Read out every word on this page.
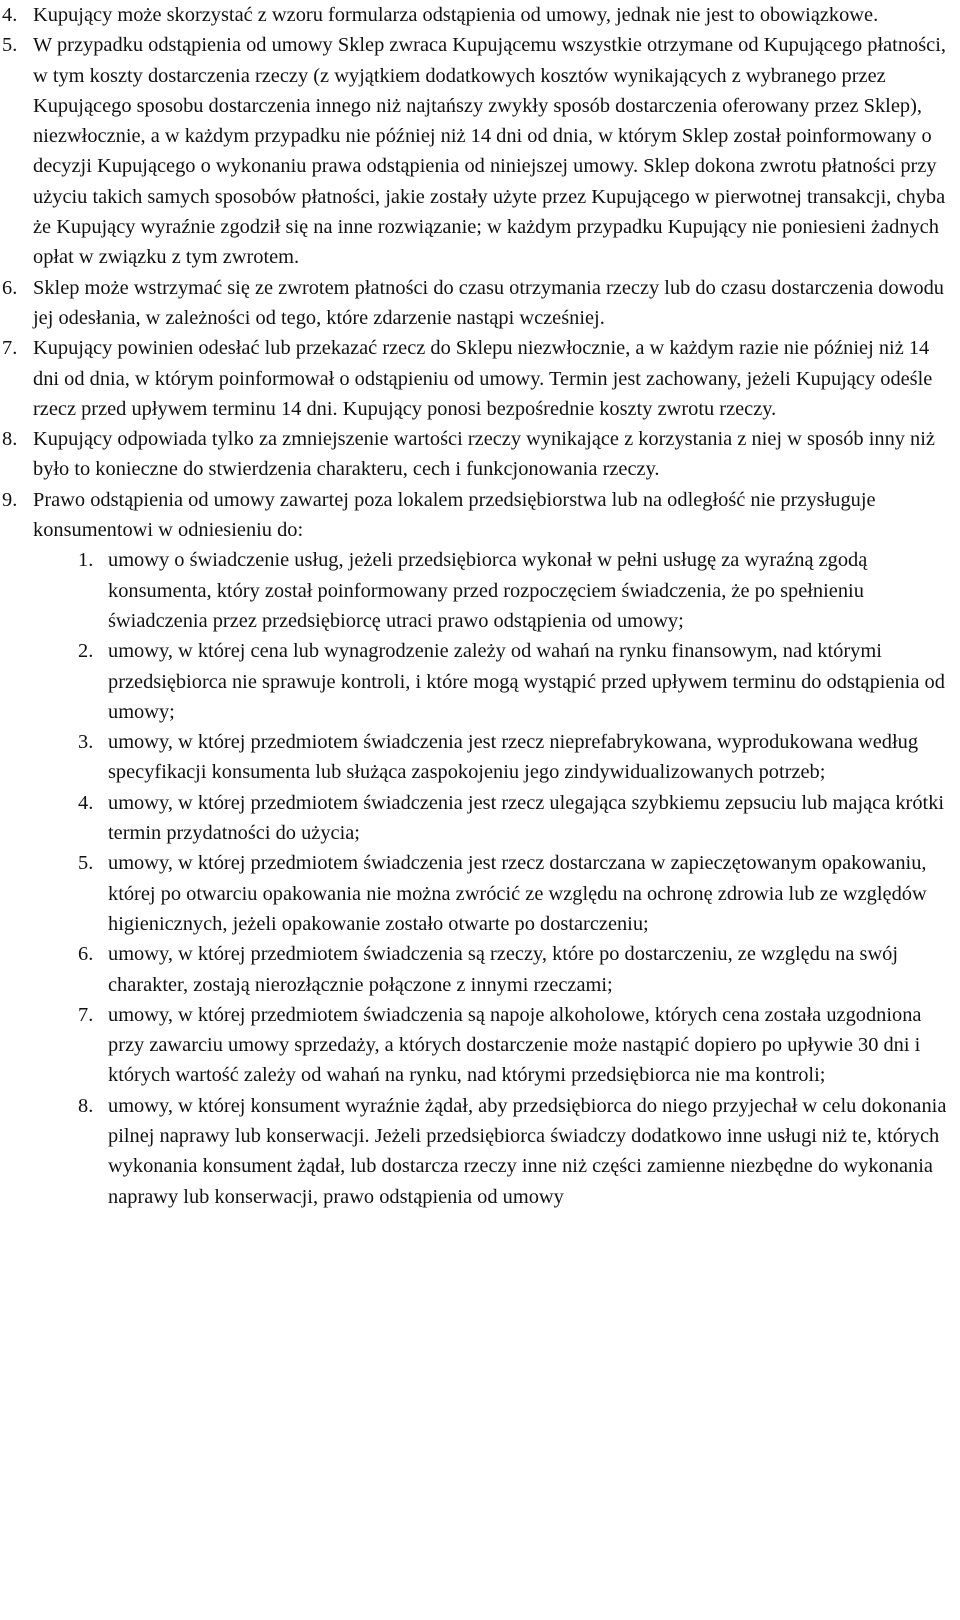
4. Kupujący może skorzystać z wzoru formularza odstąpienia od umowy, jednak nie jest to obowiązkowe.

5. W przypadku odstąpienia od umowy Sklep zwraca Kupującemu wszystkie otrzymane od Kupującego płatności, w tym koszty dostarczenia rzeczy (z wyjątkiem dodatkowych kosztów wynikających z wybranego przez Kupującego sposobu dostarczenia innego niż najtańszy zwykły sposób dostarczenia oferowany przez Sklep), niezwłocznie, a w każdym przypadku nie później niż 14 dni od dnia, w którym Sklep został poinformowany o decyzji Kupującego o wykonaniu prawa odstąpienia od niniejszej umowy. Sklep dokona zwrotu płatności przy użyciu takich samych sposobów płatności, jakie zostały użyte przez Kupującego w pierwotnej transakcji, chyba że Kupujący wyraźnie zgodził się na inne rozwiązanie; w każdym przypadku Kupujący nie poniesieni żadnych opłat w związku z tym zwrotem.

6. Sklep może wstrzymać się ze zwrotem płatności do czasu otrzymania rzeczy lub do czasu dostarczenia dowodu jej odesłania, w zależności od tego, które zdarzenie nastąpi wcześniej.

7. Kupujący powinien odesłać lub przekazać rzecz do Sklepu niezwłocznie, a w każdym razie nie później niż 14 dni od dnia, w którym poinformował o odstąpieniu od umowy. Termin jest zachowany, jeżeli Kupujący odeśle rzecz przed upływem terminu 14 dni. Kupujący ponosi bezpośrednie koszty zwrotu rzeczy.

8. Kupujący odpowiada tylko za zmniejszenie wartości rzeczy wynikające z korzystania z niej w sposób inny niż było to konieczne do stwierdzenia charakteru, cech i funkcjonowania rzeczy.

9. Prawo odstąpienia od umowy zawartej poza lokalem przedsiębiorstwa lub na odległość nie przysługuje konsumentowi w odniesieniu do:

1. umowy o świadczenie usług, jeżeli przedsiębiorca wykonał w pełni usługę za wyraźną zgodą konsumenta, który został poinformowany przed rozpoczęciem świadczenia, że po spełnieniu świadczenia przez przedsiębiorcę utraci prawo odstąpienia od umowy;

2. umowy, w której cena lub wynagrodzenie zależy od wahań na rynku finansowym, nad którymi przedsiębiorca nie sprawuje kontroli, i które mogą wystąpić przed upływem terminu do odstąpienia od umowy;

3. umowy, w której przedmiotem świadczenia jest rzecz nieprefabrykowana, wyprodukowana według specyfikacji konsumenta lub służąca zaspokojeniu jego zindywidualizowanych potrzeb;

4. umowy, w której przedmiotem świadczenia jest rzecz ulegająca szybkiemu zepsuciu lub mająca krótki termin przydatności do użycia;

5. umowy, w której przedmiotem świadczenia jest rzecz dostarczana w zapieczętowanym opakowaniu, której po otwarciu opakowania nie można zwrócić ze względu na ochronę zdrowia lub ze względów higienicznych, jeżeli opakowanie zostało otwarte po dostarczeniu;

6. umowy, w której przedmiotem świadczenia są rzeczy, które po dostarczeniu, ze względu na swój charakter, zostają nierozłącznie połączone z innymi rzeczami;

7. umowy, w której przedmiotem świadczenia są napoje alkoholowe, których cena została uzgodniona przy zawarciu umowy sprzedaży, a których dostarczenie może nastąpić dopiero po upływie 30 dni i których wartość zależy od wahań na rynku, nad którymi przedsiębiorca nie ma kontroli;

8. umowy, w której konsument wyraźnie żądał, aby przedsiębiorca do niego przyjechał w celu dokonania pilnej naprawy lub konserwacji. Jeżeli przedsiębiorca świadczy dodatkowo inne usługi niż te, których wykonania konsument żądał, lub dostarcza rzeczy inne niż części zamienne niezbędne do wykonania naprawy lub konserwacji, prawo odstąpienia od umowy
